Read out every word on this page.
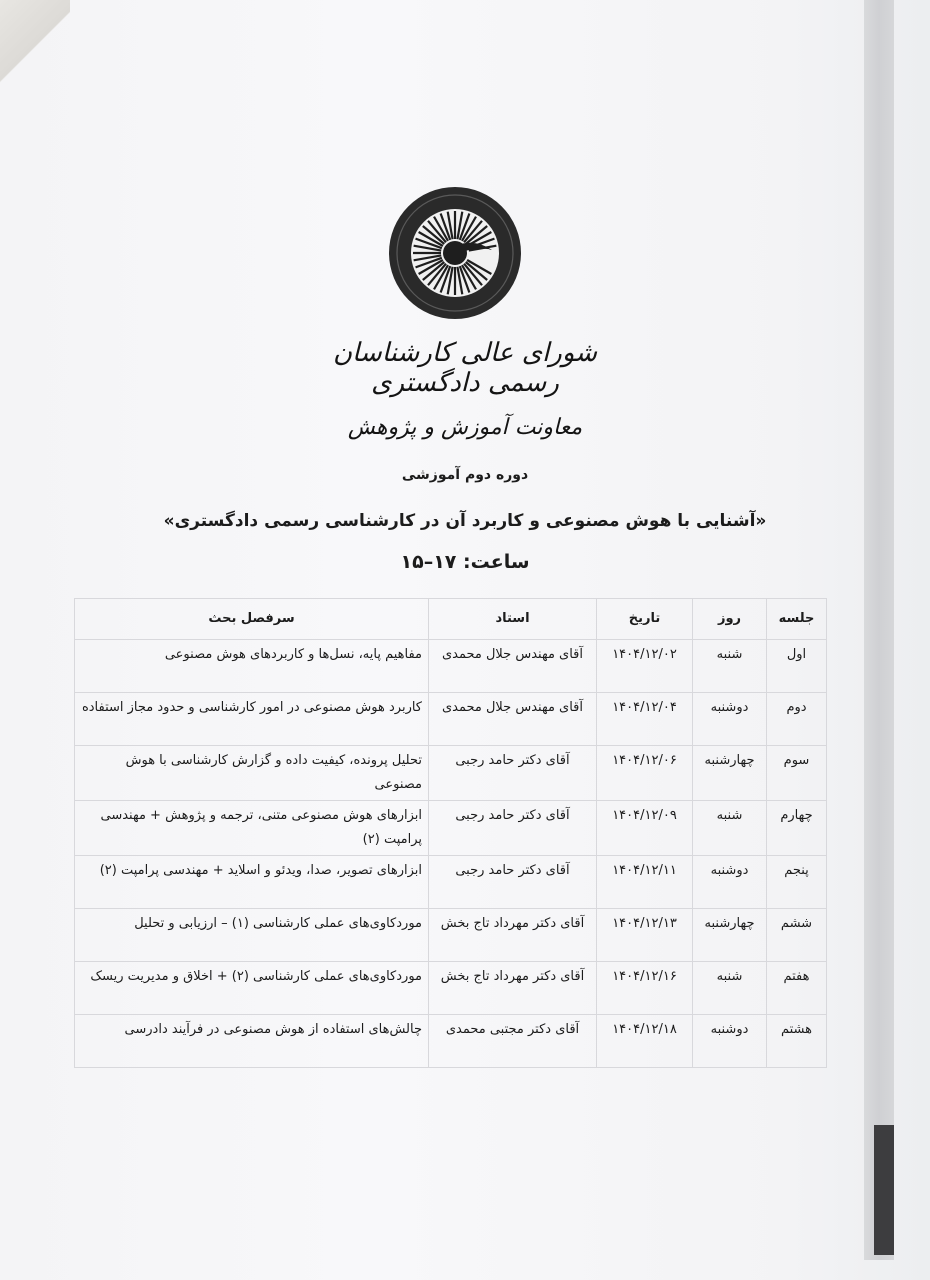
شورای عالی کارشناسان رسمی دادگستری
معاونت آموزش و پژوهش
دوره دوم آموزشی
«آشنایی با هوش مصنوعی و کاربرد آن در کارشناسی رسمی دادگستری»
ساعت: ۱۷–۱۵
جلسه	روز	تاریخ	استاد	سرفصل بحث
اول	شنبه	۱۴۰۴/۱۲/۰۲	آقای مهندس جلال محمدی	مفاهیم پایه، نسل‌ها و کاربردهای هوش مصنوعی
دوم	دوشنبه	۱۴۰۴/۱۲/۰۴	آقای مهندس جلال محمدی	کاربرد هوش مصنوعی در امور کارشناسی و حدود مجاز استفاده
سوم	چهارشنبه	۱۴۰۴/۱۲/۰۶	آقای دکتر حامد رجبی	تحلیل پرونده، کیفیت داده و گزارش کارشناسی با هوش مصنوعی
چهارم	شنبه	۱۴۰۴/۱۲/۰۹	آقای دکتر حامد رجبی	ابزارهای هوش مصنوعی متنی، ترجمه و پژوهش + مهندسی پرامپت (۲)
پنجم	دوشنبه	۱۴۰۴/۱۲/۱۱	آقای دکتر حامد رجبی	ابزارهای تصویر، صدا، ویدئو و اسلاید + مهندسی پرامپت (۲)
ششم	چهارشنبه	۱۴۰۴/۱۲/۱۳	آقای دکتر مهرداد تاج بخش	موردکاوی‌های عملی کارشناسی (۱) – ارزیابی و تحلیل
هفتم	شنبه	۱۴۰۴/۱۲/۱۶	آقای دکتر مهرداد تاج بخش	موردکاوی‌های عملی کارشناسی (۲) + اخلاق و مدیریت ریسک
هشتم	دوشنبه	۱۴۰۴/۱۲/۱۸	آقای دکتر مجتبی محمدی	چالش‌های استفاده از هوش مصنوعی در فرآیند دادرسی
